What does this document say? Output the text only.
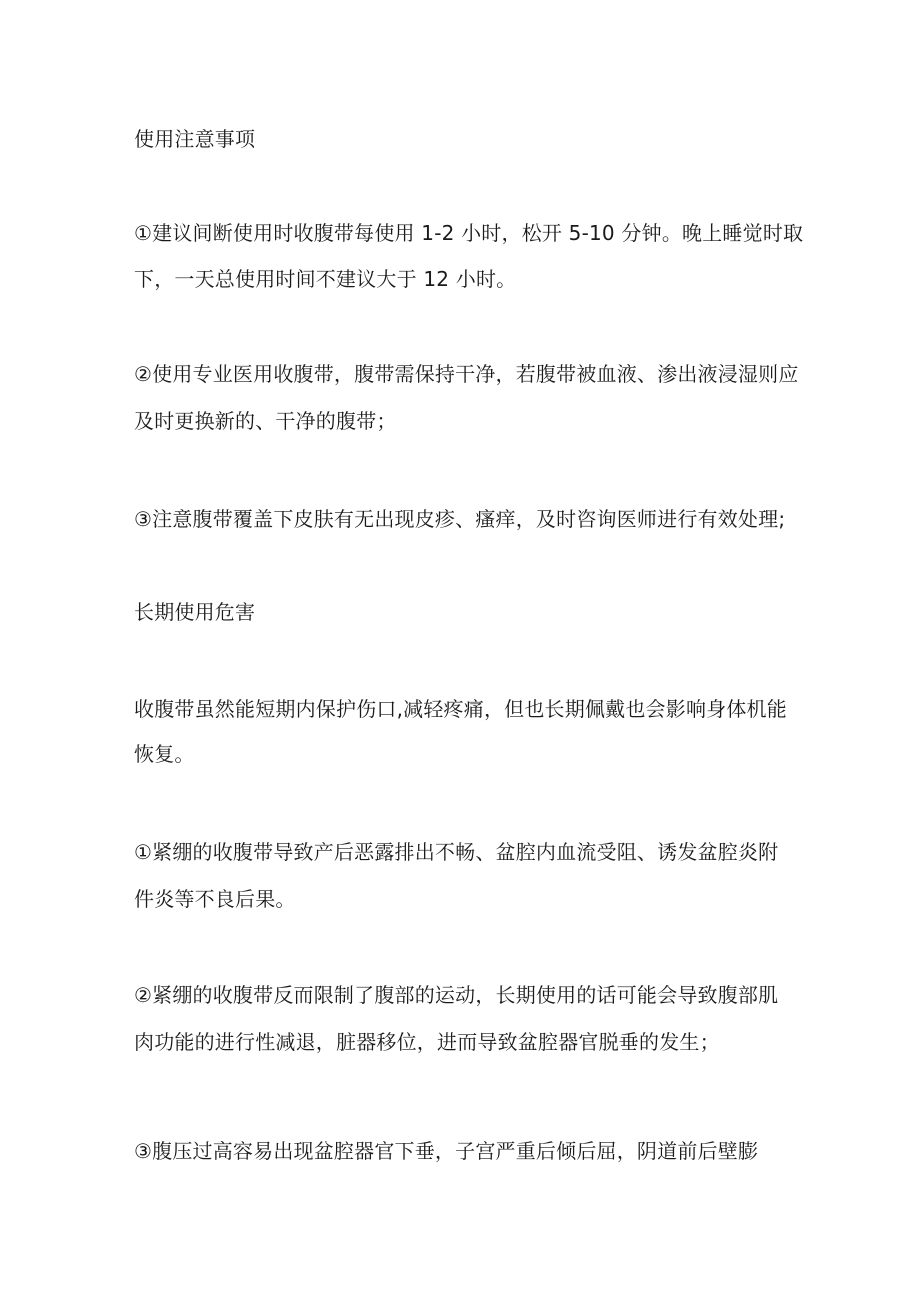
使用注意事项

①建议间断使用时收腹带每使用 1-2 小时，松开 5-10 分钟。晚上睡觉时取

下，一天总使用时间不建议大于 12 小时。

②使用专业医用收腹带，腹带需保持干净，若腹带被血液、渗出液浸湿则应

及时更换新的、干净的腹带；

③注意腹带覆盖下皮肤有无出现皮疹、瘙痒，及时咨询医师进行有效处理;

长期使用危害

收腹带虽然能短期内保护伤口,减轻疼痛，但也长期佩戴也会影响身体机能

恢复。

①紧绷的收腹带导致产后恶露排出不畅、盆腔内血流受阻、诱发盆腔炎附

件炎等不良后果。

②紧绷的收腹带反而限制了腹部的运动，长期使用的话可能会导致腹部肌

肉功能的进行性减退，脏器移位，进而导致盆腔器官脱垂的发生；

③腹压过高容易出现盆腔器官下垂，子宫严重后倾后屈，阴道前后壁膨
